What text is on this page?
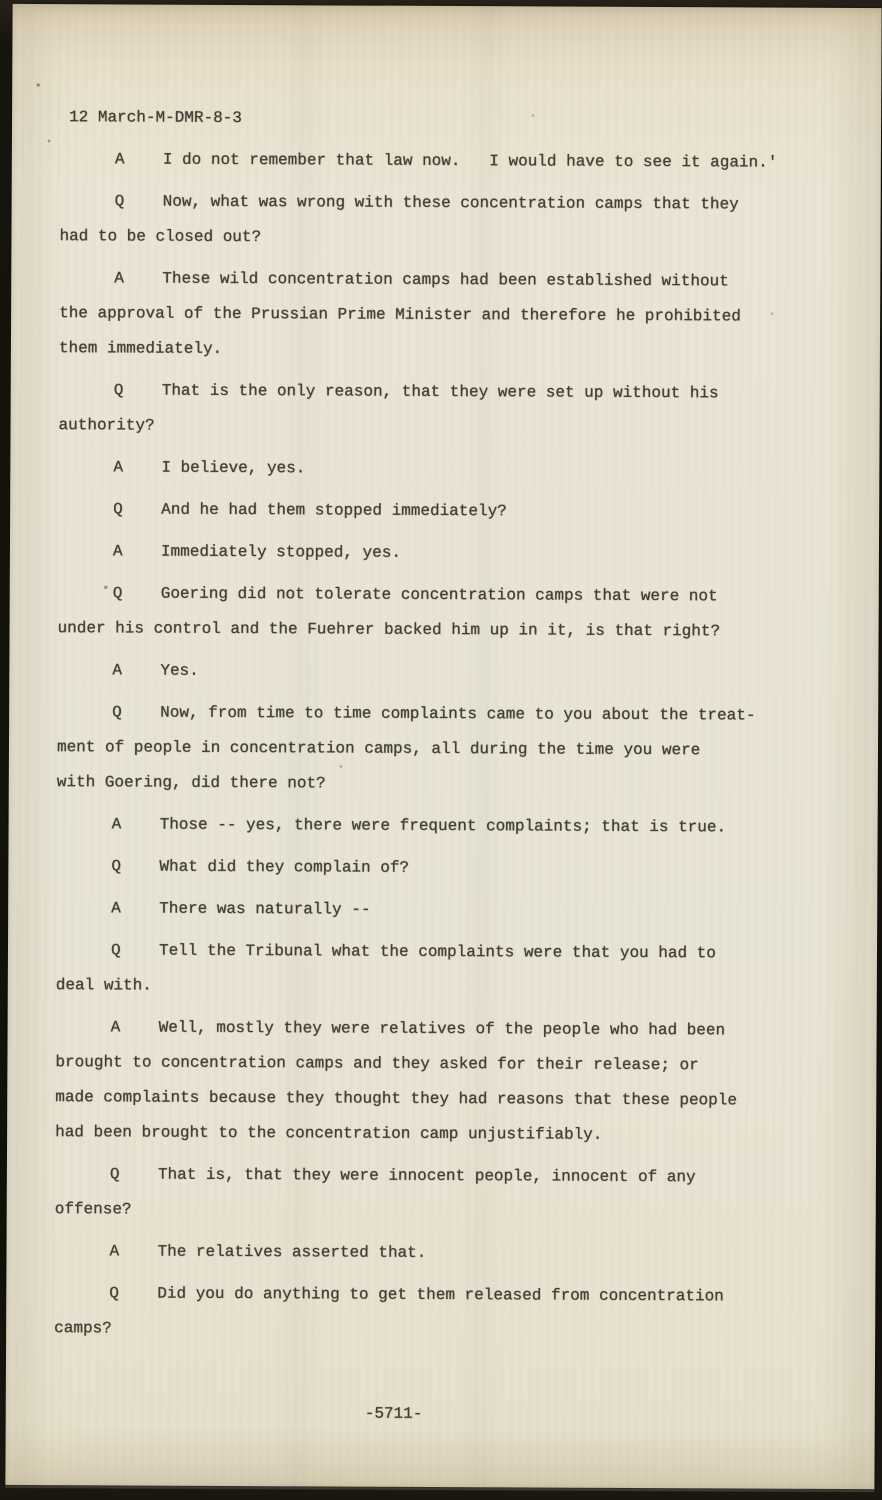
12 March-M-DMR-8-3
A I do not remember that law now.   I would have to see it again.'
Q Now, what was wrong with these concentration camps that they
had to be closed out?
A These wild concentration camps had been established without
the approval of the Prussian Prime Minister and therefore he prohibited
them immediately.
Q That is the only reason, that they were set up without his
authority?
A I believe, yes.
Q And he had them stopped immediately?
A Immediately stopped, yes.
Q Goering did not tolerate concentration camps that were not
under his control and the Fuehrer backed him up in it, is that right?
A Yes.
Q Now, from time to time complaints came to you about the treat-
ment of people in concentration camps, all during the time you were
with Goering, did there not?
A Those -- yes, there were frequent complaints; that is true.
Q What did they complain of?
A There was naturally --
Q Tell the Tribunal what the complaints were that you had to
deal with.
A Well, mostly they were relatives of the people who had been
brought to concentration camps and they asked for their release; or
made complaints because they thought they had reasons that these people
had been brought to the concentration camp unjustifiably.
Q That is, that they were innocent people, innocent of any
offense?
A The relatives asserted that.
Q Did you do anything to get them released from concentration
camps?
-5711-
